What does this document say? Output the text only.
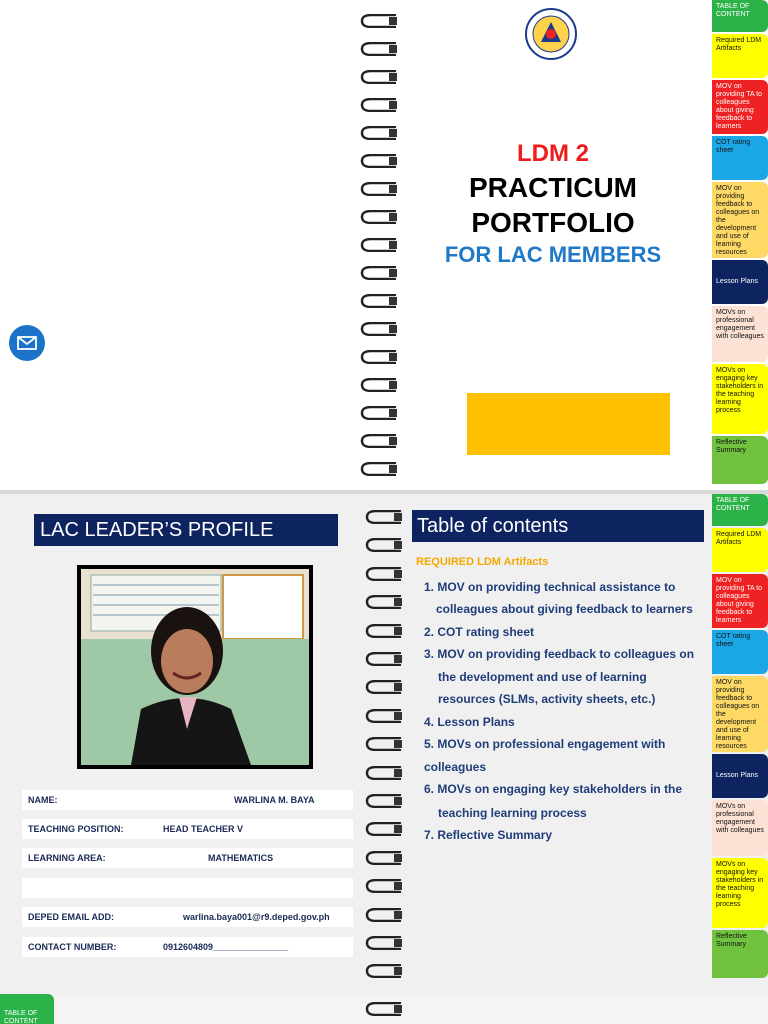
LDM 2
PRACTICUM
PORTFOLIO
FOR LAC MEMBERS
TABLE OF CONTENT
Required LDM Artifacts
MOV on providing TA to colleagues about giving feedback to learners
COT rating sheet
MOV on providing feedback to colleagues on the development and use of learning resources
Lesson Plans
MOVs on professional engagement with colleagues
MOVs on engaging key stakeholders in the teaching learning process
Reflective Summary
LAC LEADER’S PROFILE
NAME:	WARLINA M. BAYA
TEACHING POSITION:	HEAD TEACHER V
LEARNING AREA:	MATHEMATICS
DEPED EMAIL ADD:	warlina.baya001@r9.deped.gov.ph
CONTACT NUMBER:	0912604809_______________
Table of contents
REQUIRED LDM Artifacts
1. MOV on providing technical assistance to
colleagues about giving feedback to learners
2. COT rating sheet
3. MOV on providing feedback to colleagues on
the development and use of learning
resources (SLMs, activity sheets, etc.)
4. Lesson Plans
5. MOVs on professional engagement with
colleagues
6. MOVs on engaging key stakeholders in the
teaching learning process
7. Reflective Summary
TABLE OF CONTENT
Required LDM Artifacts
MOV on providing TA to colleagues about giving feedback to learners
COT rating sheet
MOV on providing feedback to colleagues on the development and use of learning resources
Lesson Plans
MOVs on professional engagement with colleagues
MOVs on engaging key stakeholders in the teaching learning process
Reflective Summary
TABLE OF CONTENT
